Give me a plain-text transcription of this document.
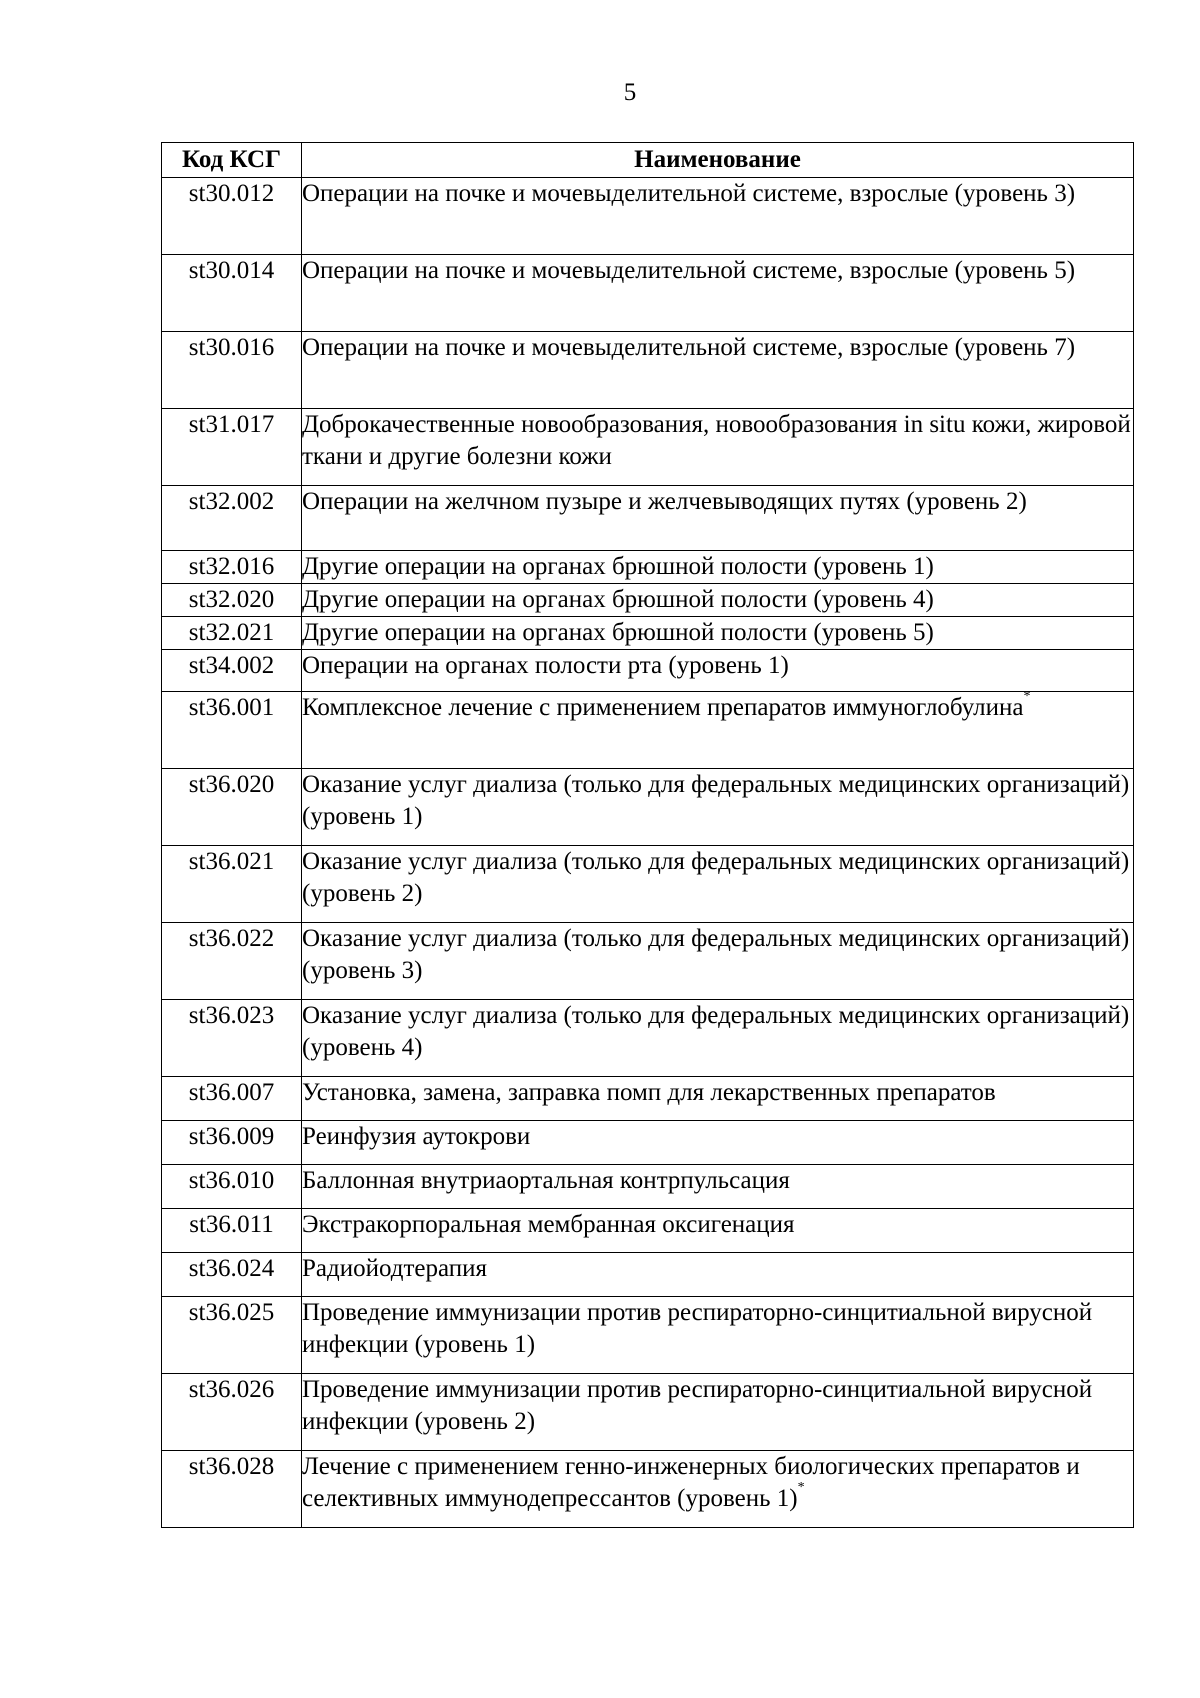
5
Код КСГ	Наименование
st30.012	Операции на почке и мочевыделительной системе, взрослые (уровень 3)
st30.014	Операции на почке и мочевыделительной системе, взрослые (уровень 5)
st30.016	Операции на почке и мочевыделительной системе, взрослые (уровень 7)
st31.017	Доброкачественные новообразования, новообразования in situ кожи, жировой ткани и другие болезни кожи
st32.002	Операции на желчном пузыре и желчевыводящих путях (уровень 2)
st32.016	Другие операции на органах брюшной полости (уровень 1)
st32.020	Другие операции на органах брюшной полости (уровень 4)
st32.021	Другие операции на органах брюшной полости (уровень 5)
st34.002	Операции на органах полости рта (уровень 1)
st36.001	Комплексное лечение с применением препаратов иммуноглобулина*
st36.020	Оказание услуг диализа (только для федеральных медицинских организаций) (уровень 1)
st36.021	Оказание услуг диализа (только для федеральных медицинских организаций) (уровень 2)
st36.022	Оказание услуг диализа (только для федеральных медицинских организаций) (уровень 3)
st36.023	Оказание услуг диализа (только для федеральных медицинских организаций) (уровень 4)
st36.007	Установка, замена, заправка помп для лекарственных препаратов
st36.009	Реинфузия аутокрови
st36.010	Баллонная внутриаортальная контрпульсация
st36.011	Экстракорпоральная мембранная оксигенация
st36.024	Радиойодтерапия
st36.025	Проведение иммунизации против респираторно-синцитиальной вирусной инфекции (уровень 1)
st36.026	Проведение иммунизации против респираторно-синцитиальной вирусной инфекции (уровень 2)
st36.028	Лечение с применением генно-инженерных биологических препаратов и селективных иммунодепрессантов (уровень 1)*
